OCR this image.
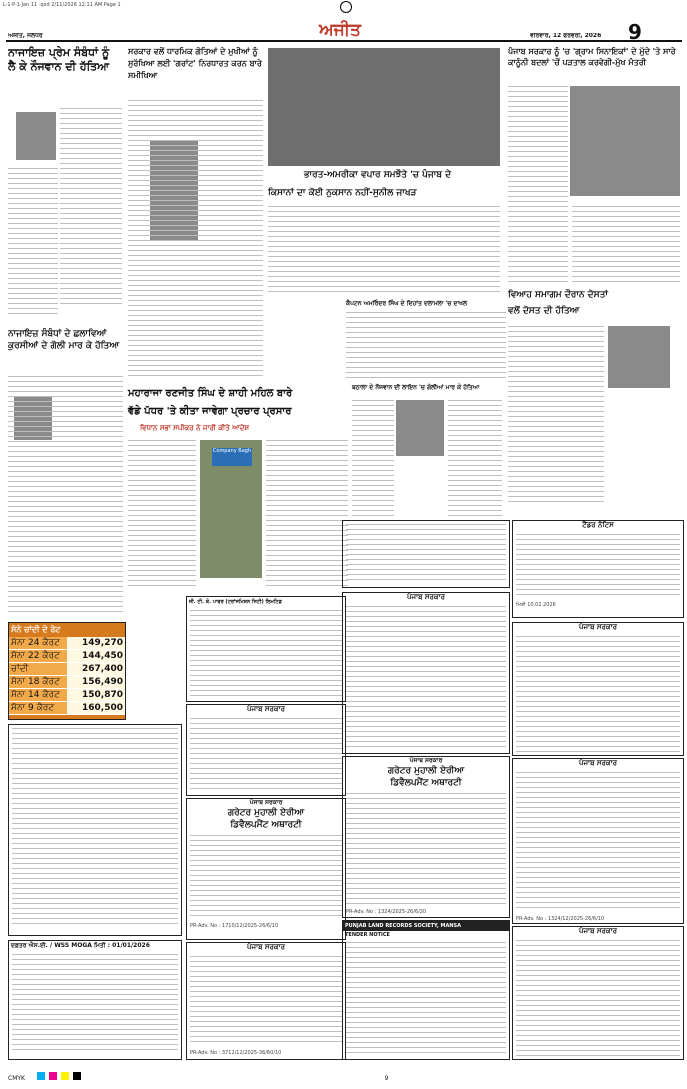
L·1·P·1·Jan 11 ·qxd 2/11/2026 12:11 AM Page 1
ਅਜੀਤ, ਜਲੰਧਰ	ਅਜੀਤ	ਵੀਰਵਾਰ, 12 ਫਰਵਰੀ, 2026	9
ਨਾਜਾਇਜ਼ ਪ੍ਰੇਮ ਸੰਬੰਧਾਂ ਨੂੰ ਲੈ ਕੇ ਨੌਜਵਾਨ ਦੀ ਹੱਤਿਆ
ਨਾਜਾਇਜ਼ ਸੰਬੰਧਾਂ ਦੇ ਛਲਾਵਿਆਂ ਕੁਰਸੀਆਂ ਦੇ ਗੋਲੀ ਮਾਰ ਕੇ ਹੱਤਿਆ
ਸੋਨੇ ਚਾਂਦੀ ਦੇ ਰੇਟ
ਸੋਨਾ 24 ਕੈਰਟ	149,270
ਸੋਨਾ 22 ਕੈਰਟ	144,450
ਚਾਂਦੀ	267,400
ਸੋਨਾ 18 ਕੈਰਟ	156,490
ਸੋਨਾ 14 ਕੈਰਟ	150,870
ਸੋਨਾ 9 ਕੈਰਟ	160,500
ਦਫ਼ਤਰ ਐਸ.ਈ. / WSS MOGA ਮਿਤੀ : 01/01/2026
ਸਰਕਾਰ ਵਲੋਂ ਧਾਰਮਿਕ ਗੋਤਿਆਂ ਦੇ ਮੁਖੀਆਂ ਨੂੰ ਸੁਰੱਖਿਆ ਲਈ 'ਗਰਾਂਟ' ਨਿਰਧਾਰਤ ਕਰਨ ਬਾਰੇ ਸਮੀਖਿਆ
ਭਾਰਤ-ਅਮਰੀਕਾ ਵਪਾਰ ਸਮਝੌਤੇ 'ਚ ਪੰਜਾਬ ਦੇ
ਕਿਸਾਨਾਂ ਦਾ ਕੋਈ ਨੁਕਸਾਨ ਨਹੀਂ-ਸੁਨੀਲ ਜਾਖੜ
ਕੈਪਟਨ ਅਮਰਿੰਦਰ ਸਿੰਘ ਦੇ ਦਿਹਾਂਤ ਦਲਾਮਲਾ 'ਚ ਦਾਖਲ
ਪੰਜਾਬ ਸਰਕਾਰ ਨੂੰ 'ਚ 'ਗ੍ਰਾਮ ਸਿਨਾਇਕਾਂ' ਦੇ ਮੁੱਦੇ 'ਤੇ ਸਾਰੇ ਕਾਨੂੰਨੀ ਬਦਲਾਂ 'ਚੋਂ ਪੜਤਾਲ ਕਰਵੇਗੀ-ਮੁੱਖ ਮੰਤਰੀ
ਵਿਆਹ ਸਮਾਗਮ ਦੌਰਾਨ ਦੋਸਤਾਂ
ਵਲੋਂ ਦੋਸਤ ਦੀ ਹੱਤਿਆ
ਮਹਾਰਾਜਾ ਰਣਜੀਤ ਸਿੰਘ ਦੇ ਸ਼ਾਹੀ ਮਹਿਲ ਬਾਰੇ
ਵੱਡੇ ਪੱਧਰ 'ਤੇ ਕੀਤਾ ਜਾਵੇਗਾ ਪ੍ਰਚਾਰ ਪ੍ਰਸਾਰ
ਵਿਧਾਨ ਸਭਾ ਸਪੀਕਰ ਨੇ ਜਾਰੀ ਕੀਤੇ ਆਦੇਸ਼
Company Bagh
ਬਠਾਲਾ ਦੇ ਨੌਜਵਾਨ ਦੀ ਲਾਇਨ 'ਚ ਗੋਲੀਆਂ ਮਾਰ ਕੇ ਹੱਤਿਆ
ਟੈਂਡਰ ਨੋਟਿਸ
ਮਿਤੀ 10.02.2026
ਜੀ. ਟੀ. ਕੇ. ਪਾਵਰ (ਟਰਾਂਸਮਿਸ਼ਨ ਸਿਟੀ) ਲਿਮਟਿਡ
ਪੰਜਾਬ ਸਰਕਾਰ
ਪੰਜਾਬ ਸਰਕਾਰ
ਪੰਜਾਬ ਸਰਕਾਰ
ਪੰਜਾਬ ਸਰਕਾਰ
ਗਰੇਟਰ ਮੁਹਾਲੀ ਏਰੀਆ
ਡਿਵੈਲਪਮੈਂਟ ਅਥਾਰਟੀ
PR-Adv. No : 1710/12/2025-26/6/10
ਪੰਜਾਬ ਸਰਕਾਰ
ਗਰੇਟਰ ਮੁਹਾਲੀ ਏਰੀਆ
ਡਿਵੈਲਪਮੈਂਟ ਅਥਾਰਟੀ
PR-Adv. No : 1324/2025-26/6/20
ਪੰਜਾਬ ਸਰਕਾਰ
PR-Adv. No : 1324/12/2025-26/6/10
ਪੰਜਾਬ ਸਰਕਾਰ
PR-Adv. No : 3712/12/2025-36/60/10
PUNJAB LAND RECORDS SOCIETY, MANSA
TENDER NOTICE	ਪੰਜਾਬ ਸਰਕਾਰ
CMYK	9
